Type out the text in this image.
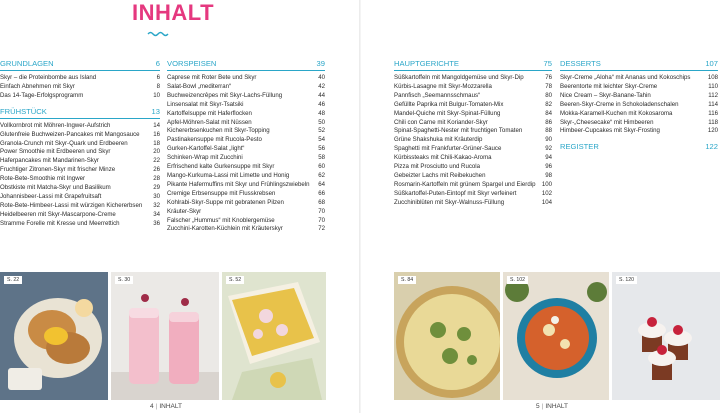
INHALT
GRUNDLAGEN	6
Skyr – die Proteinbombe aus Island	6
Einfach Abnehmen mit Skyr	8
Das 14-Tage-Erfolgsprogramm	10
FRÜHSTÜCK	13
Vollkornbrot mit Möhren-Ingwer-Aufstrich	14
Glutenfreie Buchweizen-Pancakes mit Mangosauce	16
Granola-Crunch mit Skyr-Quark und Erdbeeren	18
Power Smoothie mit Erdbeeren und Skyr	20
Haferpancakes mit Mandarinen-Skyr	22
Fruchtiger Zitronen-Skyr mit frischer Minze	26
Rote-Bete-Smoothie mit Ingwer	28
Obstkiste mit Matcha-Skyr und Basilikum	29
Johannisbeer-Lassi mit Grapefruitsaft	30
Rote-Bete-Himbeer-Lassi mit würzigen Kichererbsen	32
Heidelbeeren mit Skyr-Mascarpone-Creme	34
Stramme Forelle mit Kresse und Meerrettich	36
VORSPEISEN	39
Caprese mit Roter Bete und Skyr	40
Salat-Bowl „mediterran“	42
Buchweizencrêpes mit Skyr-Lachs-Füllung	44
Linsensalat mit Skyr-Tsatsiki	46
Kartoffelsuppe mit Haferflocken	48
Apfel-Möhren-Salat mit Nüssen	50
Kichererbsenkuchen mit Skyr-Topping	52
Pastinakensuppe mit Rucola-Pesto	54
Gurken-Kartoffel-Salat „light“	56
Schinken-Wrap mit Zucchini	58
Erfrischend kalte Gurkensuppe mit Skyr	60
Mango-Kurkuma-Lassi mit Limette und Honig	62
Pikante Hafermuffins mit Skyr und Frühlingszwiebeln	64
Cremige Erbsensuppe mit Flusskrebsen	66
Kohlrabi-Skyr-Suppe mit gebratenen Pilzen	68
Kräuter-Skyr	70
Falscher „Hummus“ mit Knoblergemüse	70
Zucchini-Karotten-Küchlein mit Kräuterskyr	72
HAUPTGERICHTE	75
Süßkartoffeln mit Mangoldgemüse und Skyr-Dip	76
Kürbis-Lasagne mit Skyr-Mozzarella	78
Pannfisch „Seemannsschmaus“	80
Gefüllte Paprika mit Bulgur-Tomaten-Mix	82
Mandel-Quiche mit Skyr-Spinat-Füllung	84
Chili con Carne mit Koriander-Skyr	86
Spinat-Spaghetti-Nester mit fruchtigen Tomaten	88
Grüne Shakshuka mit Kräuterdip	90
Spaghetti mit Frankfurter-Grüner-Sauce	92
Kürbissteaks mit Chili-Kakao-Aroma	94
Pizza mit Prosciutto und Rucola	96
Gebeizter Lachs mit Reibekuchen	98
Rosmarin-Kartoffeln mit grünem Spargel und Eierdip	100
Süßkartoffel-Puten-Eintopf mit Skyr verfeinert	102
Zucchiniblüten mit Skyr-Walnuss-Füllung	104
DESSERTS	107
Skyr-Creme „Aloha“ mit Ananas und Kokoschips	108
Beerentorte mit leichter Skyr-Creme	110
Nice Cream – Skyr-Banane-Tahin	112
Beeren-Skyr-Creme in Schokoladenschalen	114
Mokka-Karamell-Kuchen mit Kokosaroma	116
Skyr-„Cheesecake“ mit Himbeeren	118
Himbeer-Cupcakes mit Skyr-Frosting	120
REGISTER	122
S. 22	S. 30	S. 52	S. 84	S. 102	S. 120
4 | INHALT	5 | INHALT
